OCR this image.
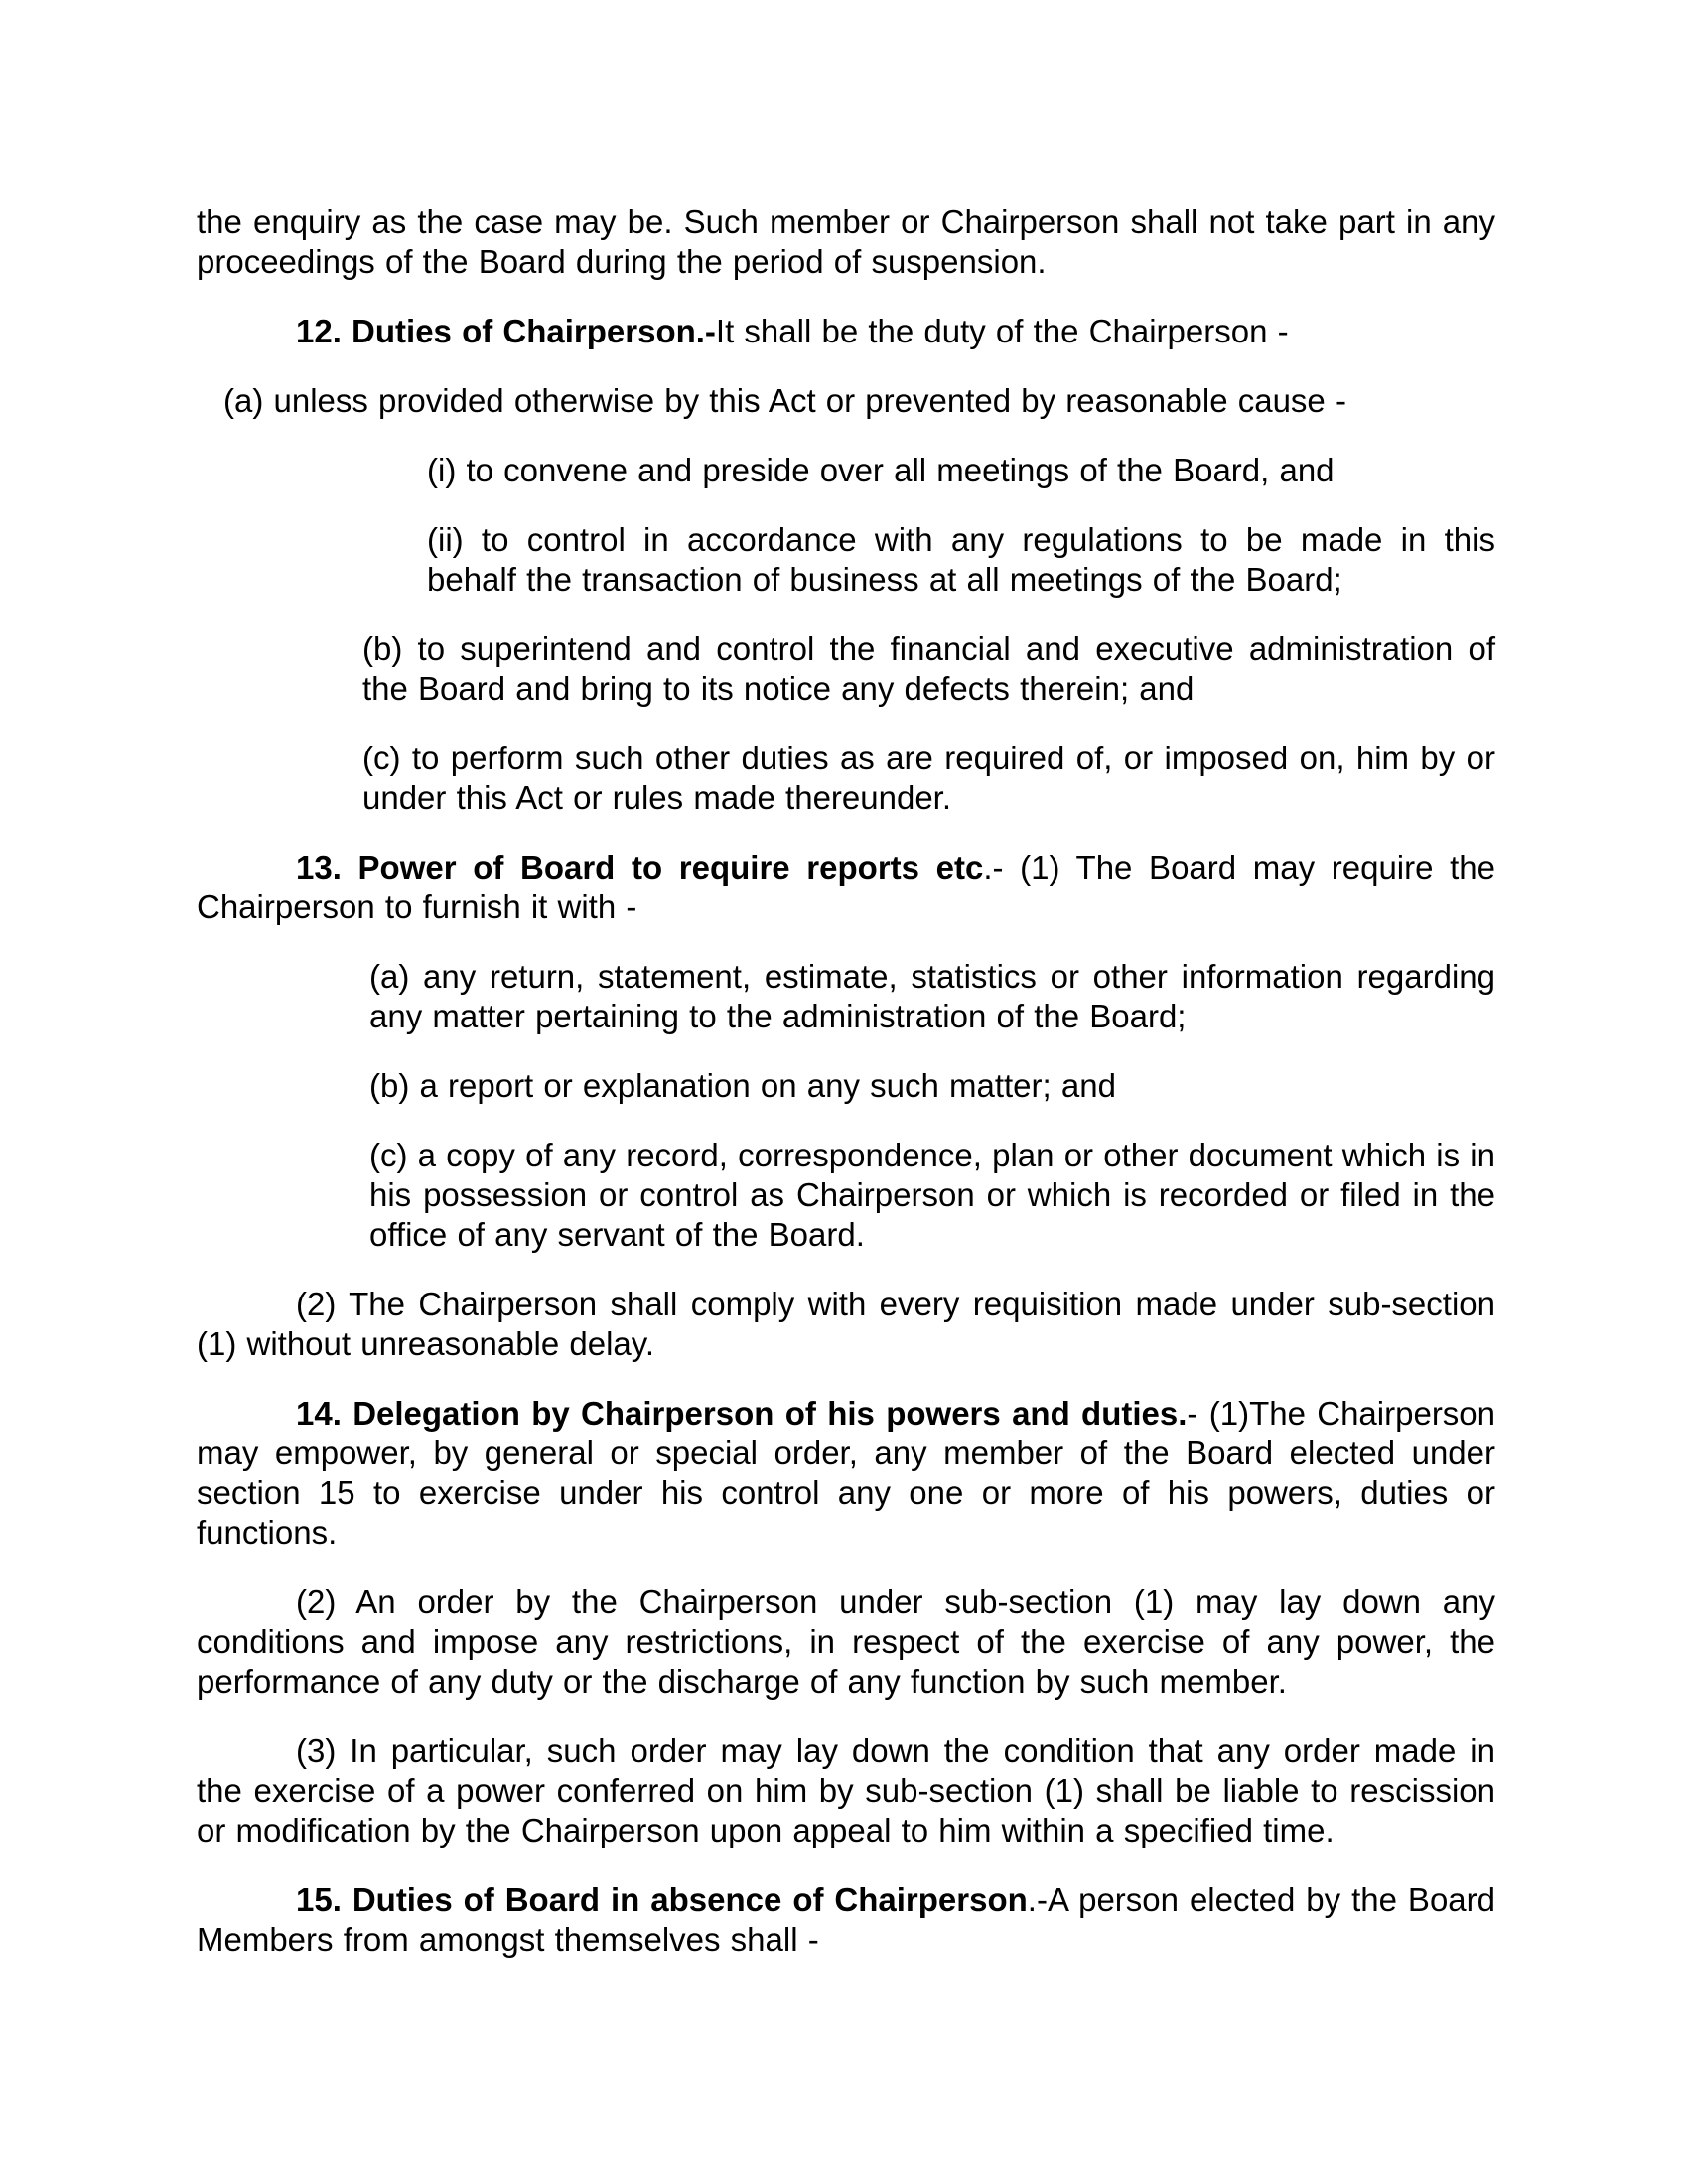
the enquiry as the case may be. Such member or Chairperson shall not take part in any proceedings of the Board during the period of suspension.

12. Duties of Chairperson.-It shall be the duty of the Chairperson -

(a) unless provided otherwise by this Act or prevented by reasonable cause -

(i) to convene and preside over all meetings of the Board, and

(ii) to control in accordance with any regulations to be made in this behalf the transaction of business at all meetings of the Board;

(b) to superintend and control the financial and executive administration of the Board and bring to its notice any defects therein; and

(c) to perform such other duties as are required of, or imposed on, him by or under this Act or rules made thereunder.

13. Power of Board to require reports etc.- (1) The Board may require the Chairperson to furnish it with -

(a) any return, statement, estimate, statistics or other information regarding any matter pertaining to the administration of the Board;

(b) a report or explanation on any such matter; and

(c) a copy of any record, correspondence, plan or other document which is in his possession or control as Chairperson or which is recorded or filed in the office of any servant of the Board.

(2) The Chairperson shall comply with every requisition made under sub-section (1) without unreasonable delay.

14. Delegation by Chairperson of his powers and duties.- (1)The Chairperson may empower, by general or special order, any member of the Board elected under section 15 to exercise under his control any one or more of his powers, duties or functions.

(2) An order by the Chairperson under sub-section (1) may lay down any conditions and impose any restrictions, in respect of the exercise of any power, the performance of any duty or the discharge of any function by such member.

(3) In particular, such order may lay down the condition that any order made in the exercise of a power conferred on him by sub-section (1) shall be liable to rescission or modification by the Chairperson upon appeal to him within a specified time.

15. Duties of Board in absence of Chairperson.-A person elected by the Board Members from amongst themselves shall -
